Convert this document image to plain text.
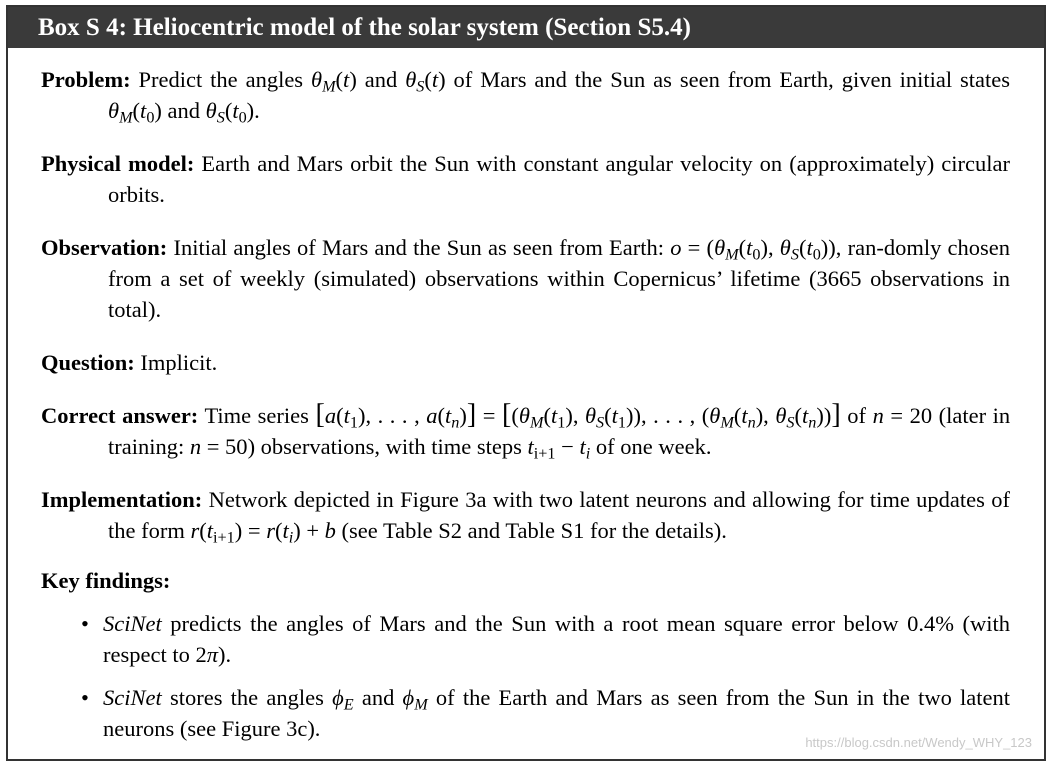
Box S 4: Heliocentric model of the solar system (Section S5.4)
Problem: Predict the angles $\theta_M(t)$ and $\theta_S(t)$ of Mars and the Sun as seen from Earth, given initial states $\theta_M(t_0)$ and $\theta_S(t_0)$.
Physical model: Earth and Mars orbit the Sun with constant angular velocity on (approximately) circular orbits.
Observation: Initial angles of Mars and the Sun as seen from Earth: $o = (\theta_M(t_0)$, $\theta_S(t_0)$), ran-domly chosen from a set of weekly (simulated) observations within Copernicus’ lifetime (3665 observations in total).
Question: Implicit.
Correct answer: Time series [$a(t_1)$, . . . , $a(t_n)] = [(\theta_M(t_1)$, $\theta_S(t_1)$), . . . , ($\theta_M(t_n)$, $\theta_S(t_n)$)] of n = 20 (later in training: n = 50) observations, with time steps $t_{i+1} - t_i$ of one week.
Implementation: Network depicted in Figure 3a with two latent neurons and allowing for time updates of the form $r(t_{i+1}) = r(t_i) + b$ (see Table S2 and Table S1 for the details).
Key findings:
• SciNet predicts the angles of Mars and the Sun with a root mean square error below 0.4% (with respect to 2π).
• SciNet stores the angles $\phi_E$ and $\phi_M$ of the Earth and Mars as seen from the Sun in the two latent neurons (see Figure 3c).
https://blog.csdn.net/Wendy_WHY_123
